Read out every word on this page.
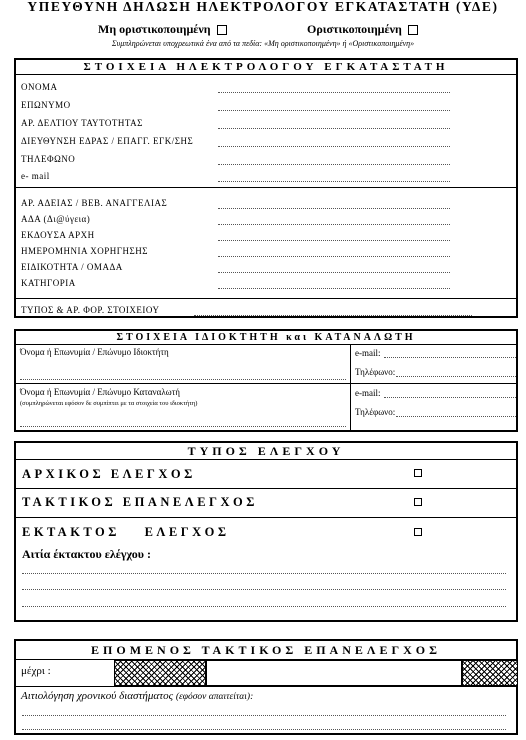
ΥΠΕΥΘΥΝΗ ΔΗΛΩΣΗ ΗΛΕΚΤΡΟΛΟΓΟΥ ΕΓΚΑΤΑΣΤΑΤΗ (ΥΔΕ)
Μη οριστικοποιημένη	Οριστικοποιημένη
Συμπληρώνεται υποχρεωτικά ένα από τα πεδία: «Μη οριστικοποιημένη» ή «Οριστικοποιημένη»
ΣΤΟΙΧΕΙΑ ΗΛΕΚΤΡΟΛΟΓΟΥ ΕΓΚΑΤΑΣΤΑΤΗ
ΟΝΟΜΑ
ΕΠΩΝΥΜΟ
ΑΡ. ΔΕΛΤΙΟΥ ΤΑΥΤΟΤΗΤΑΣ
ΔΙΕΥΘΥΝΣΗ ΕΔΡΑΣ / ΕΠΑΓΓ. ΕΓΚ/ΣΗΣ
ΤΗΛΕΦΩΝΟ
e- mail
ΑΡ. ΑΔΕΙΑΣ / ΒΕΒ. ΑΝΑΓΓΕΛΙΑΣ
ΑΔΑ (Δι@ύγεια)
ΕΚΔΟΥΣΑ ΑΡΧΗ
ΗΜΕΡΟΜΗΝΙΑ ΧΟΡΗΓΗΣΗΣ
ΕΙΔΙΚΟΤΗΤΑ / ΟΜΑΔΑ
ΚΑΤΗΓΟΡΙΑ
ΤΥΠΟΣ & ΑΡ. ΦΟΡ. ΣΤΟΙΧΕΙΟΥ
ΣΤΟΙΧΕΙΑ ΙΔΙΟΚΤΗΤΗ και ΚΑΤΑΝΑΛΩΤΗ
Όνομα ή Επωνυμία / Επώνυμο Ιδιοκτήτη	e-mail:
Τηλέφωνο:
Όνομα ή Επωνυμία / Επώνυμο Καταναλωτή
(συμπληρώνεται εφόσον δε συμπίπτει με τα στοιχεία του ιδιοκτήτη)
e-mail:
Τηλέφωνο:
ΤΥΠΟΣ ΕΛΕΓΧΟΥ
ΑΡΧΙΚΟΣ ΕΛΕΓΧΟΣ
ΤΑΚΤΙΚΟΣ ΕΠΑΝΕΛΕΓΧΟΣ
ΕΚΤΑΚΤΟΣ ΕΛΕΓΧΟΣ
Αιτία έκτακτου ελέγχου :
ΕΠΟΜΕΝΟΣ ΤΑΚΤΙΚΟΣ ΕΠΑΝΕΛΕΓΧΟΣ
μέχρι :
Αιτιολόγηση χρονικού διαστήματος (εφόσον απαιτείται):
